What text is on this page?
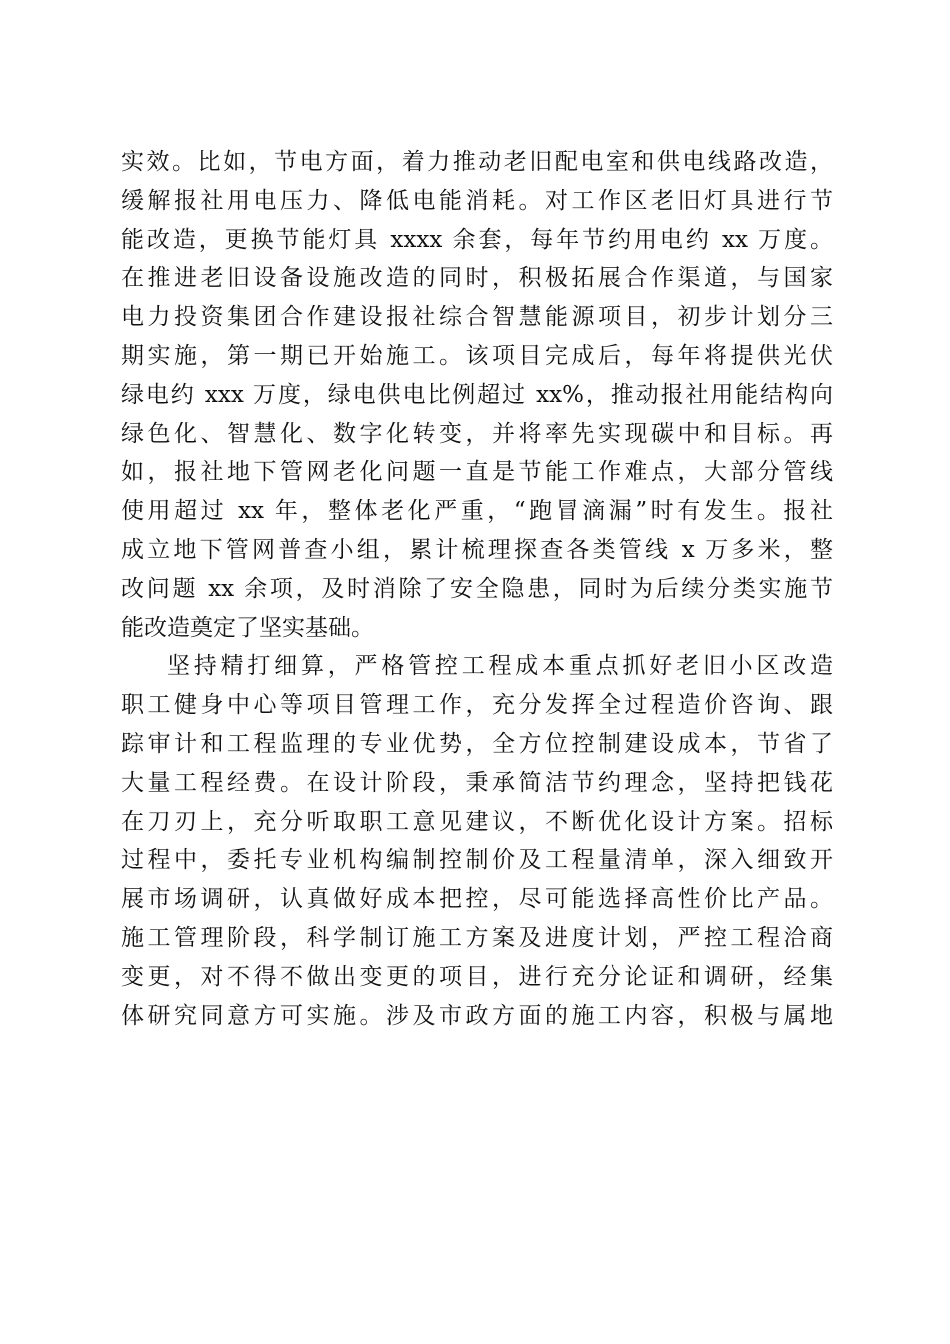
实效。比如，节电方面，着力推动老旧配电室和供电线路改造，
缓解报社用电压力、降低电能消耗。对工作区老旧灯具进行节
能改造，更换节能灯具 xxxx 余套，每年节约用电约 xx 万度。
在推进老旧设备设施改造的同时，积极拓展合作渠道，与国家
电力投资集团合作建设报社综合智慧能源项目，初步计划分三
期实施，第一期已开始施工。该项目完成后，每年将提供光伏
绿电约 xxx 万度，绿电供电比例超过 xx%，推动报社用能结构向
绿色化、智慧化、数字化转变，并将率先实现碳中和目标。再
如，报社地下管网老化问题一直是节能工作难点，大部分管线
使用超过 xx 年，整体老化严重，“跑冒滴漏”时有发生。报社
成立地下管网普查小组，累计梳理探查各类管线 x 万多米，整
改问题 xx 余项，及时消除了安全隐患，同时为后续分类实施节
能改造奠定了坚实基础。
坚持精打细算，严格管控工程成本重点抓好老旧小区改造
职工健身中心等项目管理工作，充分发挥全过程造价咨询、跟
踪审计和工程监理的专业优势，全方位控制建设成本，节省了
大量工程经费。在设计阶段，秉承简洁节约理念，坚持把钱花
在刀刃上，充分听取职工意见建议，不断优化设计方案。招标
过程中，委托专业机构编制控制价及工程量清单，深入细致开
展市场调研，认真做好成本把控，尽可能选择高性价比产品。
施工管理阶段，科学制订施工方案及进度计划，严控工程洽商
变更，对不得不做出变更的项目，进行充分论证和调研，经集
体研究同意方可实施。涉及市政方面的施工内容，积极与属地
